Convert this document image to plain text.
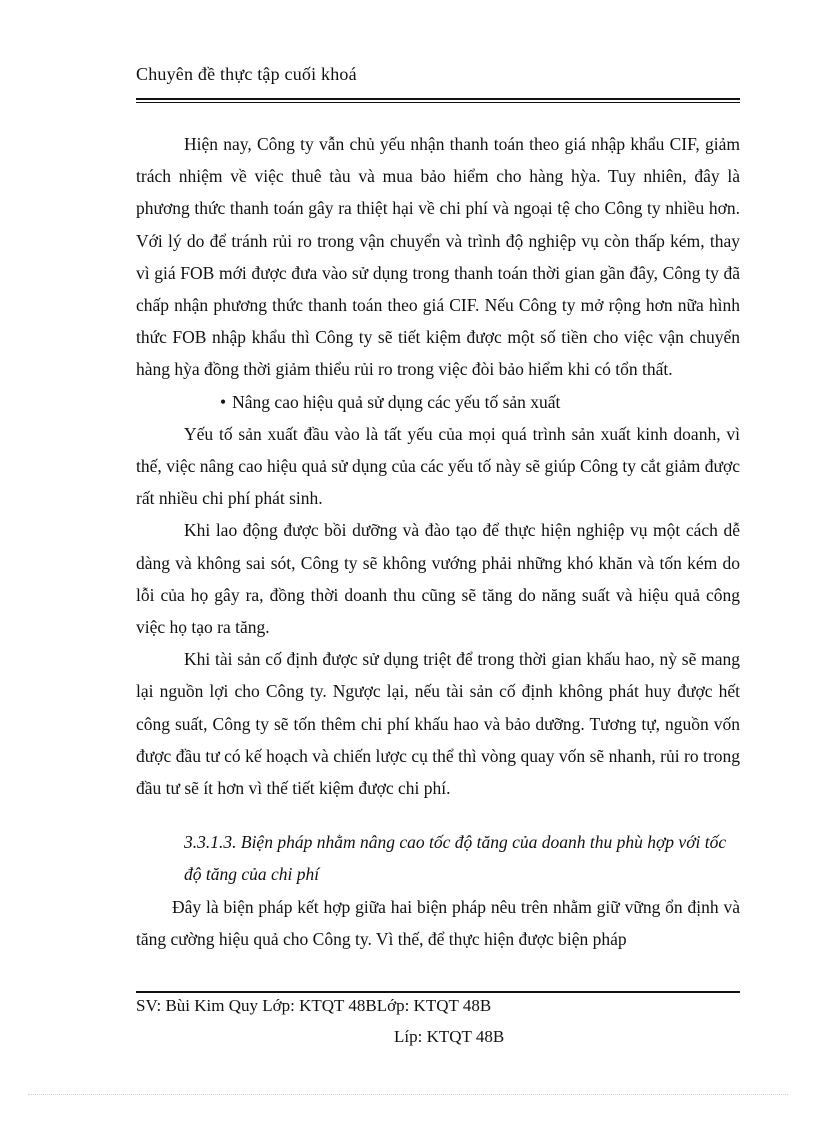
Chuyên đề thực tập cuối khoá

Hiện nay, Công ty vẫn chủ yếu nhận thanh toán theo giá nhập khẩu CIF, giảm trách nhiệm về việc thuê tàu và mua bảo hiểm cho hàng hỳa. Tuy nhiên, đây là phương thức thanh toán gây ra thiệt hại về chi phí và ngoại tệ cho Công ty nhiều hơn. Với lý do để tránh rủi ro trong vận chuyển và trình độ nghiệp vụ còn thấp kém, thay vì giá FOB mới được đưa vào sử dụng trong thanh toán thời gian gần đây, Công ty đã chấp nhận phương thức thanh toán theo giá CIF. Nếu Công ty mở rộng hơn nữa hình thức FOB nhập khẩu thì Công ty sẽ tiết kiệm được một số tiền cho việc vận chuyển hàng hỳa đồng thời giảm thiểu rủi ro trong việc đòi bảo hiểm khi có tổn thất.

• Nâng cao hiệu quả sử dụng các yếu tố sản xuất

Yếu tố sản xuất đầu vào là tất yếu của mọi quá trình sản xuất kinh doanh, vì thế, việc nâng cao hiệu quả sử dụng của các yếu tố này sẽ giúp Công ty cắt giảm được rất nhiều chi phí phát sinh.

Khi lao động được bồi dưỡng và đào tạo để thực hiện nghiệp vụ một cách dễ dàng và không sai sót, Công ty sẽ không vướng phải những khó khăn và tốn kém do lỗi của họ gây ra, đồng thời doanh thu cũng sẽ tăng do năng suất và hiệu quả công việc họ tạo ra tăng.

Khi tài sản cố định được sử dụng triệt để trong thời gian khấu hao, nỳ sẽ mang lại nguồn lợi cho Công ty. Ngược lại, nếu tài sản cố định không phát huy được hết công suất, Công ty sẽ tốn thêm chi phí khấu hao và bảo dưỡng. Tương tự, nguồn vốn được đầu tư có kế hoạch và chiến lược cụ thể thì vòng quay vốn sẽ nhanh, rủi ro trong đầu tư sẽ ít hơn vì thế tiết kiệm được chi phí.

3.3.1.3. Biện pháp nhằm nâng cao tốc độ tăng của doanh thu phù hợp với tốc

độ tăng của chi phí

Đây là biện pháp kết hợp giữa hai biện pháp nêu trên nhằm giữ vững ổn định và tăng cường hiệu quả cho Công ty. Vì thế, để thực hiện được biện pháp

SV: Bùi Kim Quy Lớp: KTQT 48BLớp: KTQT 48B
Líp: KTQT 48B
